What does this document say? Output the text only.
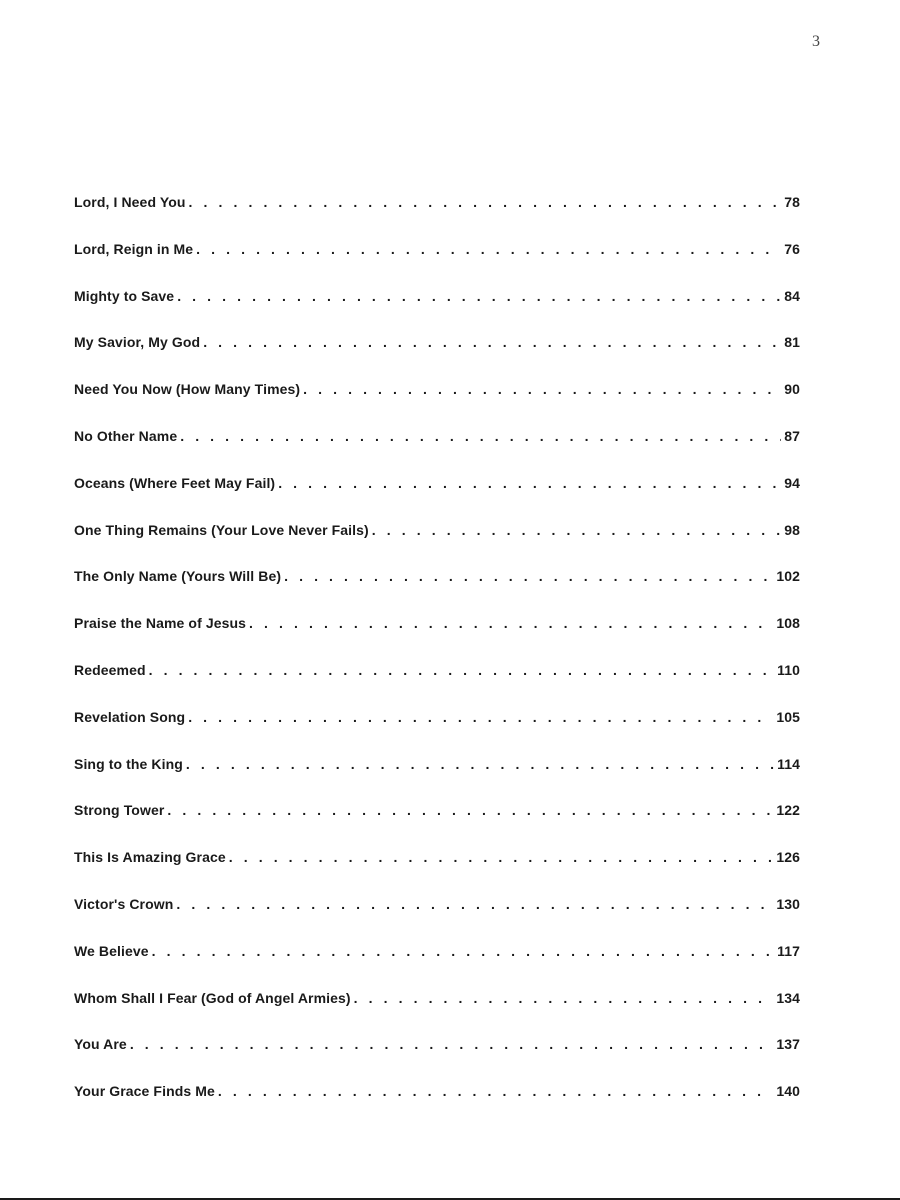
3
Lord, I Need You . . .	78
Lord, Reign in Me . . .	76
Mighty to Save . . .	84
My Savior, My God . . .	81
Need You Now (How Many Times) . . .	90
No Other Name . . .	87
Oceans (Where Feet May Fail) . . .	94
One Thing Remains (Your Love Never Fails) . . .	98
The Only Name (Yours Will Be) . . .	102
Praise the Name of Jesus . . .	108
Redeemed . . .	110
Revelation Song . . .	105
Sing to the King . . .	114
Strong Tower . . .	122
This Is Amazing Grace . . .	126
Victor's Crown . . .	130
We Believe . . .	117
Whom Shall I Fear (God of Angel Armies) . . .	134
You Are . . .	137
Your Grace Finds Me . . .	140
